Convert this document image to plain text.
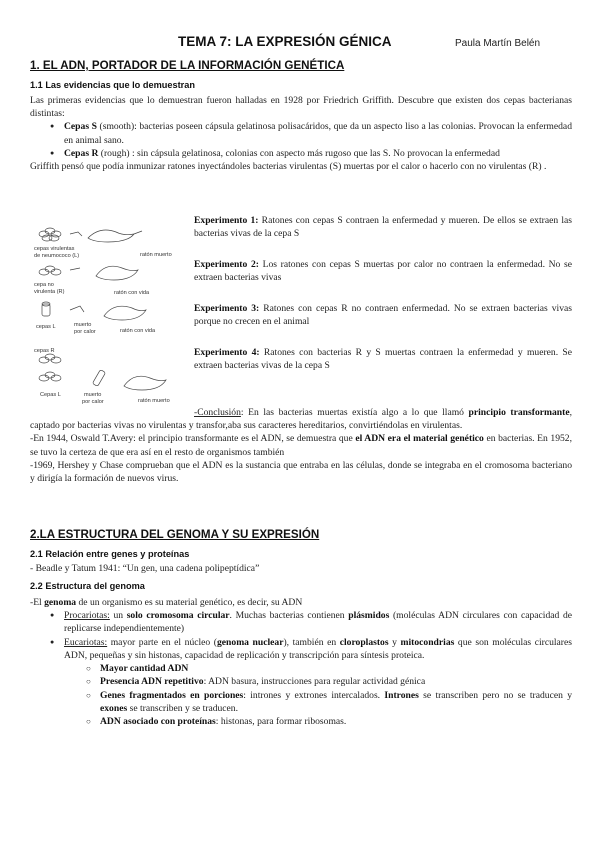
TEMA 7: LA EXPRESIÓN GÉNICA	Paula Martín Belén
1. EL ADN, PORTADOR DE LA INFORMACIÓN GENÉTICA
1.1 Las evidencias que lo demuestran

Las primeras evidencias que lo demuestran fueron halladas en 1928 por Friedrich Griffith. Descubre que existen dos cepas bacterianas distintas:

● Cepas S (smooth): bacterias poseen cápsula gelatinosa polisacáridos, que da un aspecto liso a las colonias. Provocan la enfermedad en animal sano.
● Cepas R (rough) : sin cápsula gelatinosa, colonias con aspecto más rugoso que las S. No provocan la enfermedad

Griffith pensó que podía inmunizar ratones inyectándoles bacterias virulentas (S) muertas por el calor o hacerlo con no virulentas (R) .

cepas virulentas
de neumococo (L)	ratón muerto
cepa no
virulenta (R)	ratón con vida
cepas L	muerto
por calor	ratón con vida
cepas R
Cepas L	muerto
por calor	ratón muerto

Experimento 1: Ratones con cepas S contraen la enfermedad y mueren. De ellos se extraen las bacterias vivas de la cepa S

Experimento 2: Los ratones con cepas S muertas por calor no contraen la enfermedad. No se extraen bacterias vivas

Experimento 3: Ratones con cepas R no contraen enfermedad. No se extraen bacterias vivas porque no crecen en el animal

Experimento 4: Ratones con bacterias R y S muertas contraen la enfermedad y mueren. Se extraen bacterias vivas de la cepa S

-Conclusión: En las bacterias muertas existía algo a lo que llamó principio transformante, captado por bacterias vivas no virulentas y transfor,aba sus caracteres hereditarios, convirtiéndolas en virulentas.

-En 1944, Oswald T.Avery: el principio transformante es el ADN, se demuestra que el ADN era el material genético en bacterias. En 1952, se tuvo la certeza de que era así en el resto de organismos también

-1969, Hershey y Chase comprueban que el ADN es la sustancia que entraba en las células, donde se integraba en el cromosoma bacteriano y dirigía la formación de nuevos virus.

2.LA ESTRUCTURA DEL GENOMA Y SU EXPRESIÓN
2.1 Relación entre genes y proteínas
- Beadle y Tatum 1941: “Un gen, una cadena polipeptídica”
2.2 Estructura del genoma

-El genoma de un organismo es su material genético, es decir, su ADN

● Procariotas: un solo cromosoma circular. Muchas bacterias contienen plásmidos (moléculas ADN circulares con capacidad de replicarse independientemente)
● Eucariotas: mayor parte en el núcleo (genoma nuclear), también en cloroplastos y mitocondrias que son moléculas circulares ADN, pequeñas y sin histonas, capacidad de replicación y transcripción para síntesis proteica.
○ Mayor cantidad ADN
○ Presencia ADN repetitivo: ADN basura, instrucciones para regular actividad génica
○ Genes fragmentados en porciones: intrones y extrones intercalados. Intrones se transcriben pero no se traducen y exones se transcriben y se traducen.
○ ADN asociado con proteínas: histonas, para formar ribosomas.
